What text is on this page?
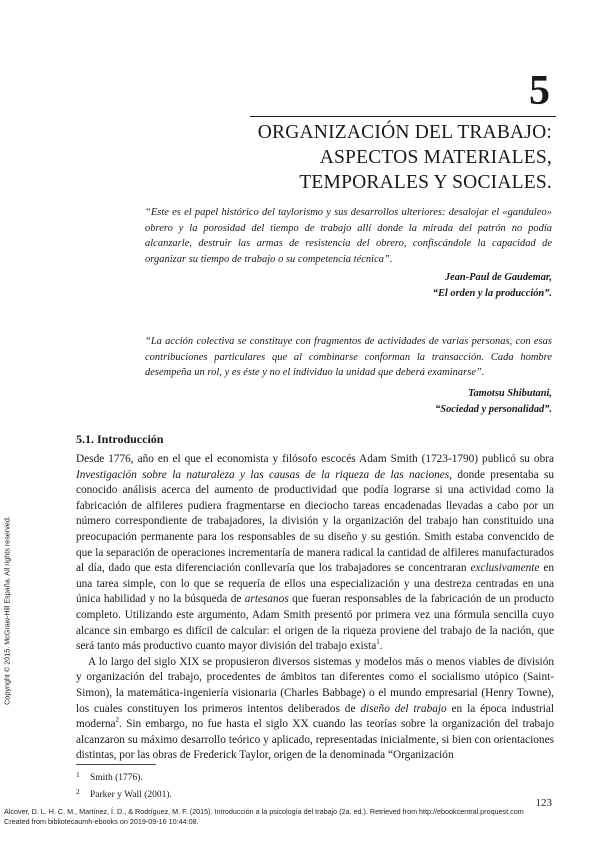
5
ORGANIZACIÓN DEL TRABAJO:
ASPECTOS MATERIALES,
TEMPORALES Y SOCIALES.
“Este es el papel histórico del taylorismo y sus desarrollos ulteriores: desalojar el «ganduleo» obrero y la porosidad del tiempo de trabajo allí donde la mirada del patrón no podía alcanzarle, destruir las armas de resistencia del obrero, confiscándole la capacidad de organizar su tiempo de trabajo o su competencia técnica”.
Jean-Paul de Gaudemar,
“El orden y la producción”.
“La acción colectiva se constituye con fragmentos de actividades de varias personas, con esas contribuciones particulares que al combinarse conforman la transacción. Cada hombre desempeña un rol, y es éste y no el individuo la unidad que deberá examinarse”.
Tamotsu Shibutani,
“Sociedad y personalidad”.
5.1. Introducción

Desde 1776, año en el que el economista y filósofo escocés Adam Smith (1723-1790) publicó su obra Investigación sobre la naturaleza y las causas de la riqueza de las naciones, donde presentaba su conocido análisis acerca del aumento de productividad que podía lograrse si una actividad como la fabricación de alfileres pudiera fragmentarse en dieciocho tareas encadenadas llevadas a cabo por un número correspondiente de trabajadores, la división y la organización del trabajo han constituido una preocupación permanente para los responsables de su diseño y su gestión. Smith estaba convencido de que la separación de operaciones incrementaría de manera radical la cantidad de alfileres manufacturados al día, dado que esta diferenciación conllevaría que los trabajadores se concentraran exclusivamente en una tarea simple, con lo que se requería de ellos una especialización y una destreza centradas en una única habilidad y no la búsqueda de artesanos que fueran responsables de la fabricación de un producto completo. Utilizando este argumento, Adam Smith presentó por primera vez una fórmula sencilla cuyo alcance sin embargo es difícil de calcular: el origen de la riqueza proviene del trabajo de la nación, que será tanto más productivo cuanto mayor división del trabajo exista$^1$.

A lo largo del siglo XIX se propusieron diversos sistemas y modelos más o menos viables de división y organización del trabajo, procedentes de ámbitos tan diferentes como el socialismo utópico (Saint-Simon), la matemática-ingeniería visionaria (Charles Babbage) o el mundo empresarial (Henry Towne), los cuales constituyen los primeros intentos deliberados de diseño del trabajo en la época industrial moderna$^2$. Sin embargo, no fue hasta el siglo XX cuando las teorías sobre la organización del trabajo alcanzaron su máximo desarrollo teórico y aplicado, representadas inicialmente, si bien con orientaciones distintas, por las obras de Frederick Taylor, origen de la denominada “Organización

1 Smith (1776).
2 Parker y Wall (2001).
123
Copyright © 2015. McGraw-Hill España. All rights reserved.
Alcover, D. L. H. C. M., Martínez, Í. D., & Rodríguez, M. F. (2015). Introducción a la psicología del trabajo (2a. ed.). Retrieved from http://ebookcentral.proquest.com
Created from bibliotecaumh-ebooks on 2019-09-16 10:44:08.
